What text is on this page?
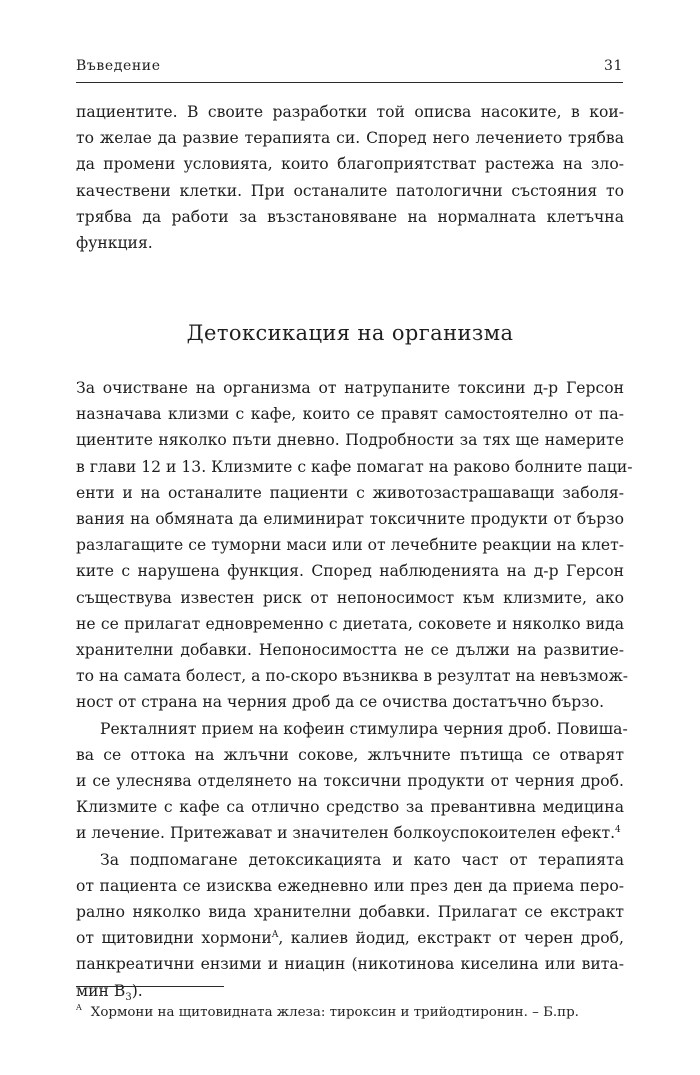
Въведение	31
пациентите. В своите разработки той описва насоките, в кои-
то желае да развие терапията си. Според него лечението трябва
да промени условията, които благоприятстват растежа на зло-
качествени клетки. При останалите патологични състояния то
трябва да работи за възстановяване на нормалната клетъчна
функция.
Детоксикация на организма
За очистване на организма от натрупаните токсини д-р Герсон
назначава клизми с кафе, които се правят самостоятелно от па-
циентите няколко пъти дневно. Подробности за тях ще намерите
в глави 12 и 13. Клизмите с кафе помагат на раково болните паци-
енти и на останалите пациенти с животозастрашаващи заболя-
вания на обмяната да елиминират токсичните продукти от бързо
разлагащите се туморни маси или от лечебните реакции на клет-
ките с нарушена функция. Според наблюденията на д-р Герсон
съществува известен риск от непоносимост към клизмите, ако
не се прилагат едновременно с диетата, соковете и няколко вида
хранителни добавки. Непоносимостта не се дължи на развитие-
то на самата болест, а по-скоро възниква в резултат на невъзмож-
ност от страна на черния дроб да се очиства достатъчно бързо.
Ректалният прием на кофеин стимулира черния дроб. Повиша-
ва се оттока на жлъчни сокове, жлъчните пътища се отварят
и се улеснява отделянето на токсични продукти от черния дроб.
Клизмите с кафе са отлично средство за превантивна медицина
и лечение. Притежават и значителен болкоуспокоителен ефект.$^4$
За подпомагане детоксикацията и като част от терапията
от пациента се изисква ежедневно или през ден да приема перо-
рално няколко вида хранителни добавки. Прилагат се екстракт
от щитовидни хормони$^A$, калиев йодид, екстракт от черен дроб,
панкреатични ензими и ниацин (никотинова киселина или вита-
мин $B_3$).
$^A$ Хормони на щитовидната жлеза: тироксин и трийодтиронин. – Б.пр.
